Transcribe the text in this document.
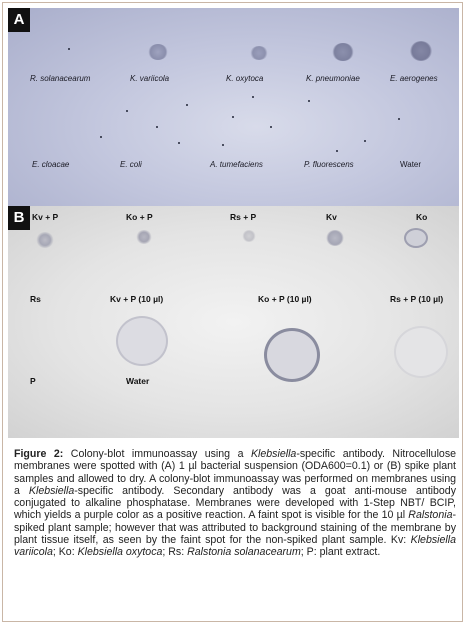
A
R. solanacearum	K. variicola	K. oxytoca	K. pneumoniae	E. aerogenes
E. cloacae	E. coli	A. tumefaciens	P. fluorescens	Water
B Kv + P	Ko + P	Rs + P	Kv	Ko
Rs	Kv + P (10 µl)	Ko + P (10 µl)	Rs + P (10 µl)
P	Water
Figure 2: Colony-blot immunoassay using a Klebsiella-specific antibody. Nitrocellulose membranes were spotted with (A) 1 µl bacterial suspension (ODA600=0.1) or (B) spike plant samples and allowed to dry. A colony-blot immunoassay was performed on membranes using a Klebsiella-specific antibody. Secondary antibody was a goat anti-mouse antibody conjugated to alkaline phosphatase. Membranes were developed with 1-Step NBT/ BCIP, which yields a purple color as a positive reaction. A faint spot is visible for the 10 µl Ralstonia-spiked plant sample; however that was attributed to background staining of the membrane by plant tissue itself, as seen by the faint spot for the non-spiked plant sample. Kv: Klebsiella variicola; Ko: Klebsiella oxytoca; Rs: Ralstonia solanacearum; P: plant extract.
